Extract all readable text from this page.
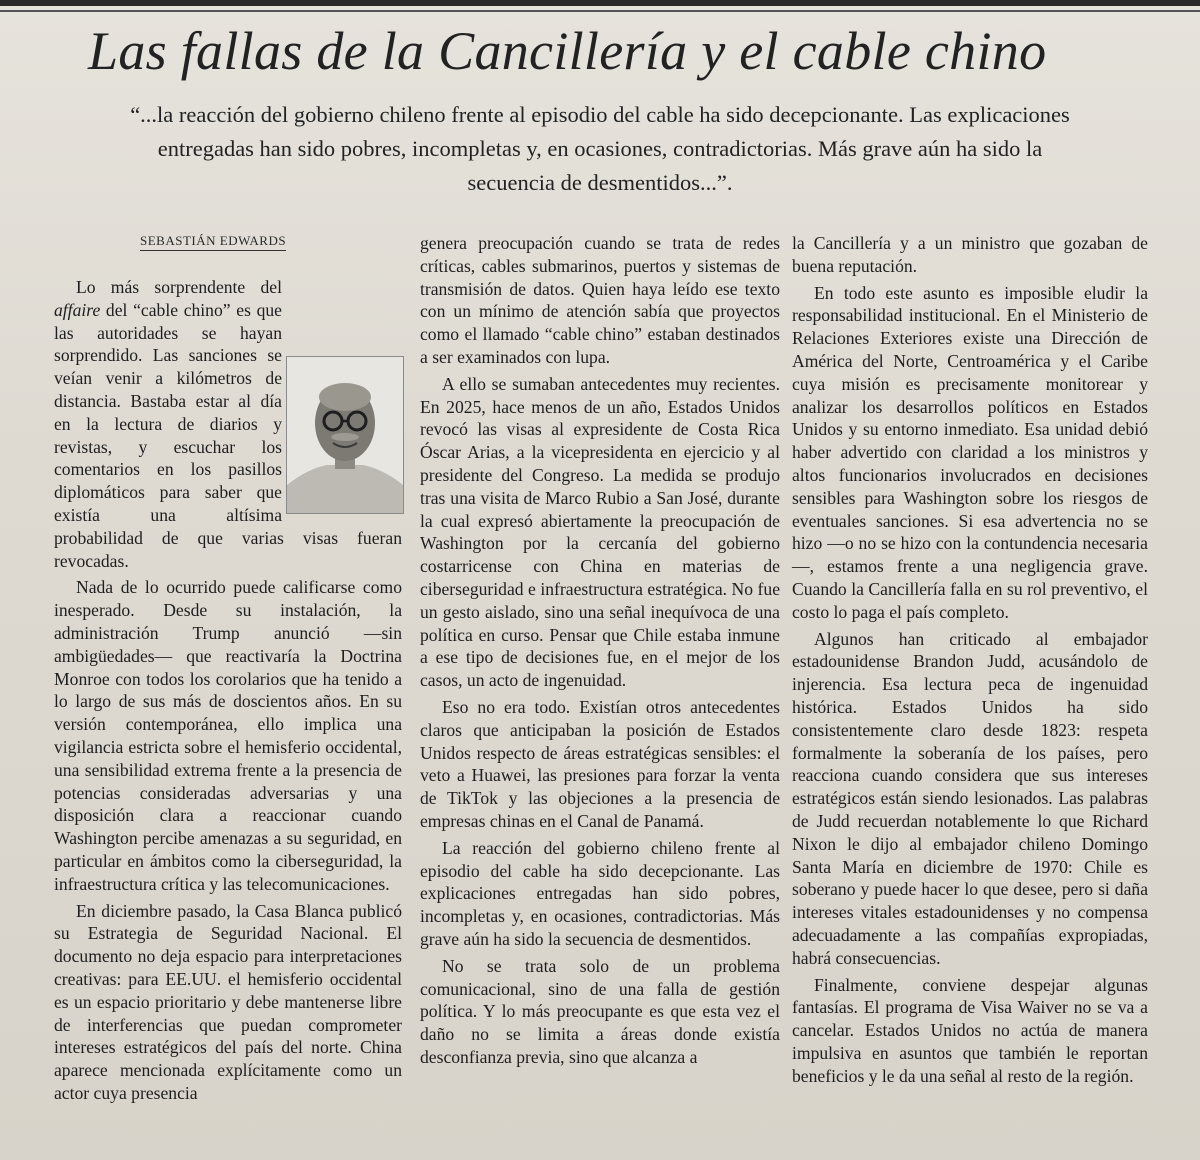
Las fallas de la Cancillería y el cable chino
“...la reacción del gobierno chileno frente al episodio del cable ha sido decepcionante. Las explicaciones entregadas han sido pobres, incompletas y, en ocasiones, contradictorias. Más grave aún ha sido la secuencia de desmentidos...”.
SEBASTIÁN EDWARDS

Lo más sorprendente del affaire del “cable chino” es que las autoridades se hayan sorprendido. Las sanciones se veían venir a kilómetros de distancia. Bastaba estar al día en la lectura de diarios y revistas, y escuchar los comentarios en los pasillos diplomáticos para saber que existía una altísima probabilidad de que varias visas fueran revocadas.

Nada de lo ocurrido puede calificarse como inesperado. Desde su instalación, la administración Trump anunció —sin ambigüedades— que reactivaría la Doctrina Monroe con todos los corolarios que ha tenido a lo largo de sus más de doscientos años. En su versión contemporánea, ello implica una vigilancia estricta sobre el hemisferio occidental, una sensibilidad extrema frente a la presencia de potencias consideradas adversarias y una disposición clara a reaccionar cuando Washington percibe amenazas a su seguridad, en particular en ámbitos como la ciberseguridad, la infraestructura crítica y las telecomunicaciones.

En diciembre pasado, la Casa Blanca publicó su Estrategia de Seguridad Nacional. El documento no deja espacio para interpretaciones creativas: para EE.UU. el hemisferio occidental es un espacio prioritario y debe mantenerse libre de interferencias que puedan comprometer intereses estratégicos del país del norte. China aparece mencionada explícitamente como un actor cuya presencia

genera preocupación cuando se trata de redes críticas, cables submarinos, puertos y sistemas de transmisión de datos. Quien haya leído ese texto con un mínimo de atención sabía que proyectos como el llamado “cable chino” estaban destinados a ser examinados con lupa.

A ello se sumaban antecedentes muy recientes. En 2025, hace menos de un año, Estados Unidos revocó las visas al expresidente de Costa Rica Óscar Arias, a la vicepresidenta en ejercicio y al presidente del Congreso. La medida se produjo tras una visita de Marco Rubio a San José, durante la cual expresó abiertamente la preocupación de Washington por la cercanía del gobierno costarricense con China en materias de ciberseguridad e infraestructura estratégica. No fue un gesto aislado, sino una señal inequívoca de una política en curso. Pensar que Chile estaba inmune a ese tipo de decisiones fue, en el mejor de los casos, un acto de ingenuidad.

Eso no era todo. Existían otros antecedentes claros que anticipaban la posición de Estados Unidos respecto de áreas estratégicas sensibles: el veto a Huawei, las presiones para forzar la venta de TikTok y las objeciones a la presencia de empresas chinas en el Canal de Panamá.

La reacción del gobierno chileno frente al episodio del cable ha sido decepcionante. Las explicaciones entregadas han sido pobres, incompletas y, en ocasiones, contradictorias. Más grave aún ha sido la secuencia de desmentidos.

No se trata solo de un problema comunicacional, sino de una falla de gestión política. Y lo más preocupante es que esta vez el daño no se limita a áreas donde existía desconfianza previa, sino que alcanza a

la Cancillería y a un ministro que gozaban de buena reputación.

En todo este asunto es imposible eludir la responsabilidad institucional. En el Ministerio de Relaciones Exteriores existe una Dirección de América del Norte, Centroamérica y el Caribe cuya misión es precisamente monitorear y analizar los desarrollos políticos en Estados Unidos y su entorno inmediato. Esa unidad debió haber advertido con claridad a los ministros y altos funcionarios involucrados en decisiones sensibles para Washington sobre los riesgos de eventuales sanciones. Si esa advertencia no se hizo —o no se hizo con la contundencia necesaria—, estamos frente a una negligencia grave. Cuando la Cancillería falla en su rol preventivo, el costo lo paga el país completo.

Algunos han criticado al embajador estadounidense Brandon Judd, acusándolo de injerencia. Esa lectura peca de ingenuidad histórica. Estados Unidos ha sido consistentemente claro desde 1823: respeta formalmente la soberanía de los países, pero reacciona cuando considera que sus intereses estratégicos están siendo lesionados. Las palabras de Judd recuerdan notablemente lo que Richard Nixon le dijo al embajador chileno Domingo Santa María en diciembre de 1970: Chile es soberano y puede hacer lo que desee, pero si daña intereses vitales estadounidenses y no compensa adecuadamente a las compañías expropiadas, habrá consecuencias.

Finalmente, conviene despejar algunas fantasías. El programa de Visa Waiver no se va a cancelar. Estados Unidos no actúa de manera impulsiva en asuntos que también le reportan beneficios y le da una señal al resto de la región.
